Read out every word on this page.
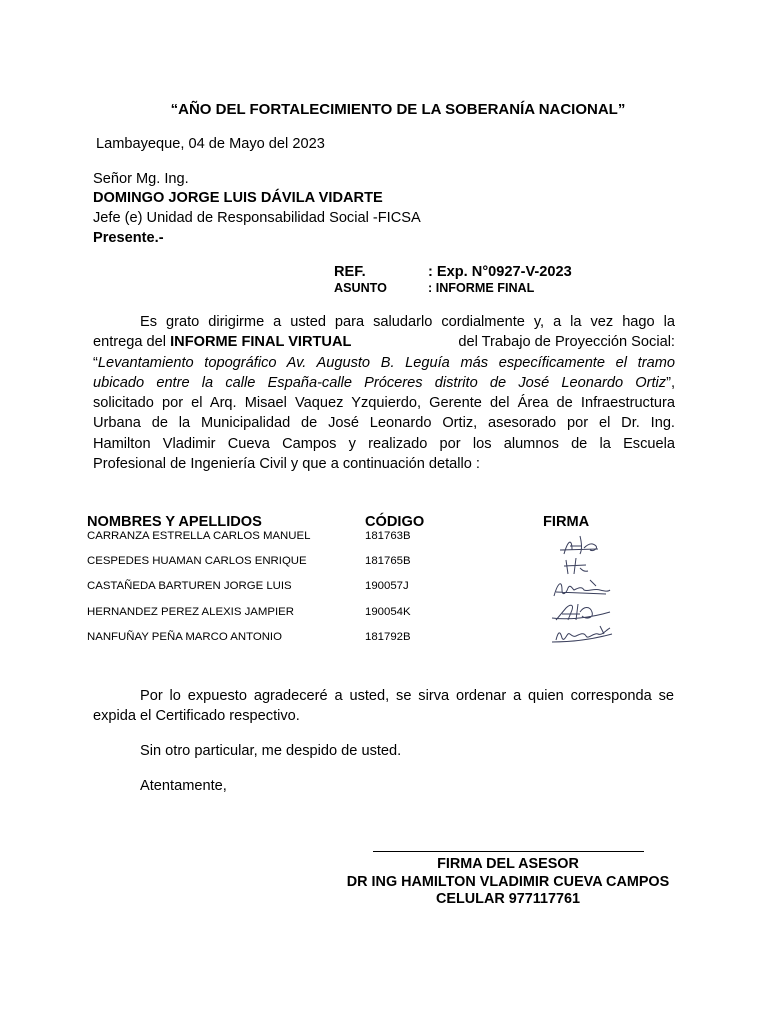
“AÑO DEL FORTALECIMIENTO DE LA SOBERANÍA NACIONAL”
Lambayeque, 04 de Mayo del 2023
Señor Mg. Ing.
DOMINGO JORGE LUIS DÁVILA VIDARTE
Jefe (e) Unidad de Responsabilidad Social -FICSA
Presente.-
REF.	: Exp. N°0927-V-2023
ASUNTO	: INFORME FINAL
Es grato dirigirme a usted para saludarlo cordialmente y, a la vez hago la
entrega del INFORME FINAL VIRTUAL	del Trabajo de Proyección Social:
“Levantamiento topográfico Av. Augusto B. Leguía más específicamente el tramo
ubicado entre la calle España-calle Próceres distrito de José Leonardo Ortiz”,
solicitado por el Arq. Misael Vaquez Yzquierdo, Gerente del Área de Infraestructura
Urbana de la Municipalidad de José Leonardo Ortiz, asesorado por el Dr. Ing.
Hamilton Vladimir Cueva Campos y realizado por los alumnos de la Escuela
Profesional de Ingeniería Civil y que a continuación detallo :
NOMBRES Y APELLIDOS	CÓDIGO	FIRMA
CARRANZA ESTRELLA CARLOS MANUEL	181763B
CESPEDES HUAMAN CARLOS ENRIQUE	181765B
CASTAÑEDA BARTUREN JORGE LUIS	190057J
HERNANDEZ PEREZ ALEXIS JAMPIER	190054K
NANFUÑAY PEÑA MARCO ANTONIO	181792B
Por lo expuesto agradeceré a usted, se sirva ordenar a quien corresponda se
expida el Certificado respectivo.
Sin otro particular, me despido de usted.
Atentamente,
FIRMA DEL ASESOR
DR ING HAMILTON VLADIMIR CUEVA CAMPOS
CELULAR 977117761
